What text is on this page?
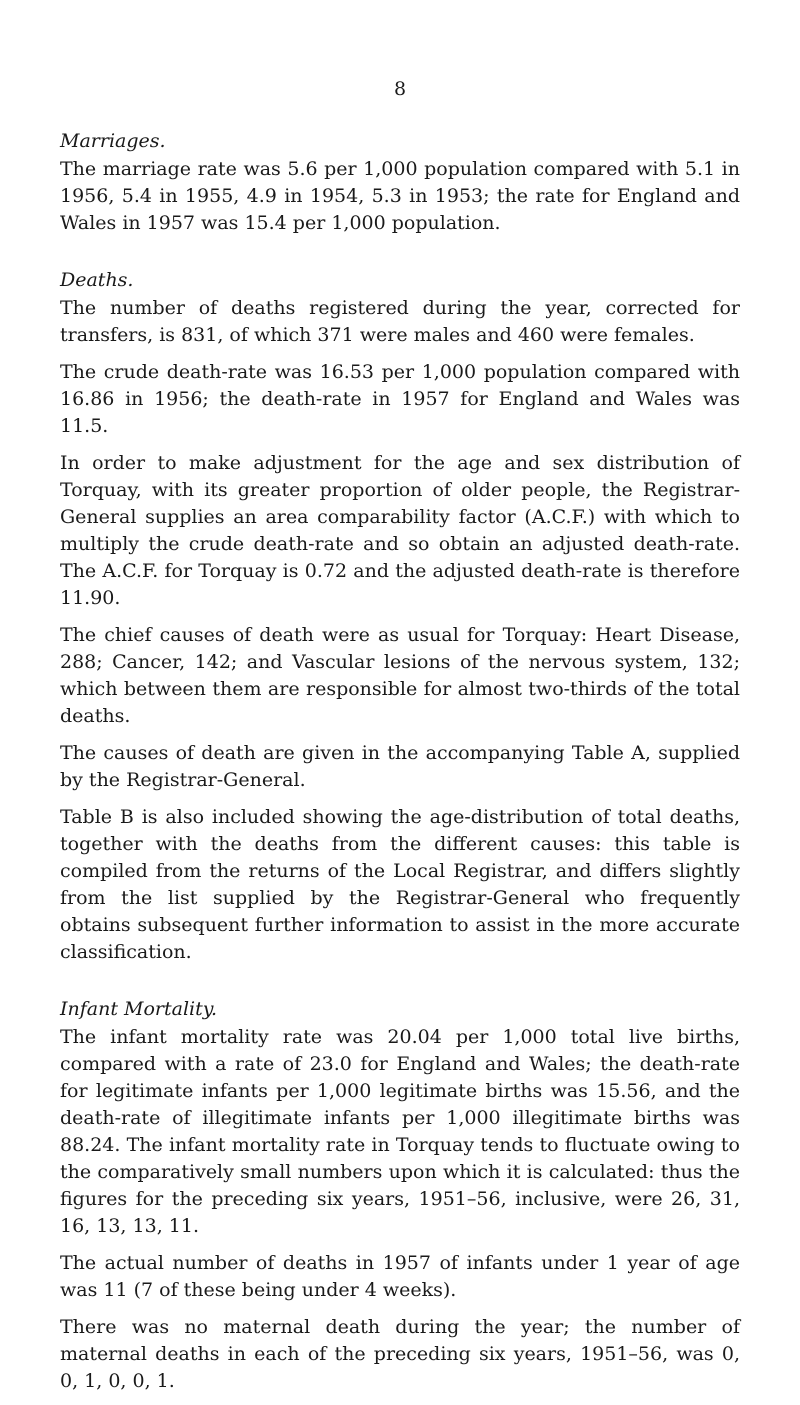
8
Marriages.

The marriage rate was 5.6 per 1,000 population compared with 5.1 in 1956, 5.4 in 1955, 4.9 in 1954, 5.3 in 1953; the rate for England and Wales in 1957 was 15.4 per 1,000 population.

Deaths.

The number of deaths registered during the year, corrected for transfers, is 831, of which 371 were males and 460 were females.

The crude death-rate was 16.53 per 1,000 population compared with 16.86 in 1956; the death-rate in 1957 for England and Wales was 11.5.

In order to make adjustment for the age and sex distribution of Torquay, with its greater proportion of older people, the Registrar-General supplies an area comparability factor (A.C.F.) with which to multiply the crude death-rate and so obtain an adjusted death-rate. The A.C.F. for Torquay is 0.72 and the adjusted death-rate is therefore 11.90.

The chief causes of death were as usual for Torquay: Heart Disease, 288; Cancer, 142; and Vascular lesions of the nervous system, 132; which between them are responsible for almost two-thirds of the total deaths.

The causes of death are given in the accompanying Table A, supplied by the Registrar-General.

Table B is also included showing the age-distribution of total deaths, together with the deaths from the different causes: this table is compiled from the returns of the Local Registrar, and differs slightly from the list supplied by the Registrar-General who frequently obtains subsequent further information to assist in the more accurate classification.

Infant Mortality.

The infant mortality rate was 20.04 per 1,000 total live births, compared with a rate of 23.0 for England and Wales; the death-rate for legitimate infants per 1,000 legitimate births was 15.56, and the death-rate of illegitimate infants per 1,000 illegitimate births was 88.24. The infant mortality rate in Torquay tends to fluctuate owing to the comparatively small numbers upon which it is calculated: thus the figures for the preceding six years, 1951–56, inclusive, were 26, 31, 16, 13, 13, 11.

The actual number of deaths in 1957 of infants under 1 year of age was 11 (7 of these being under 4 weeks).

There was no maternal death during the year; the number of maternal deaths in each of the preceding six years, 1951–56, was 0, 0, 1, 0, 0, 1.
